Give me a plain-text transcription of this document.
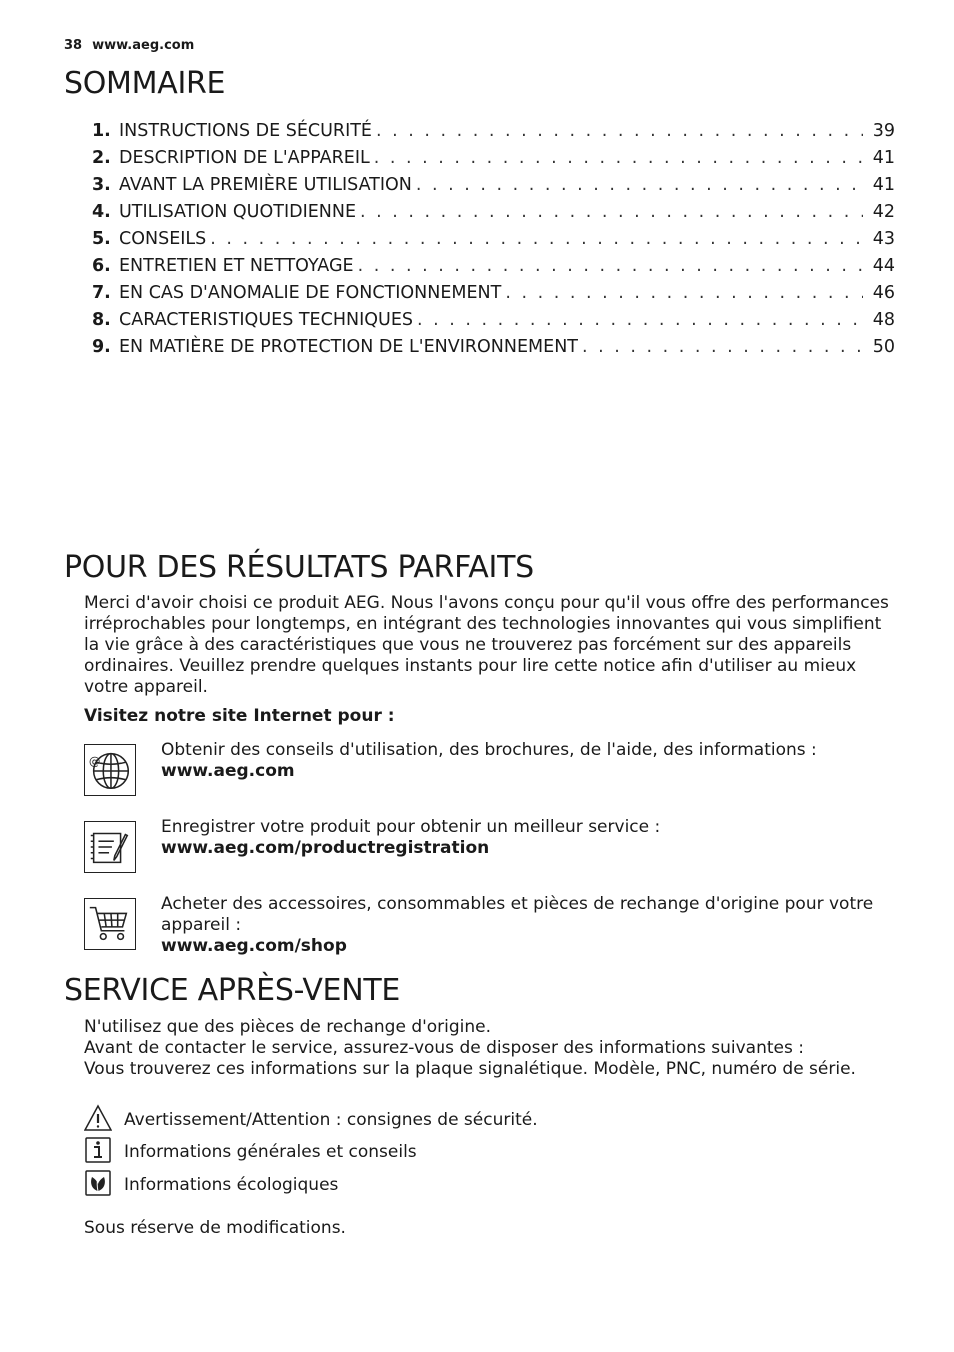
38 www.aeg.com
SOMMAIRE
1. INSTRUCTIONS DE SÉCURITÉ . . .	39
2. DESCRIPTION DE L'APPAREIL . . .	41
3. AVANT LA PREMIÈRE UTILISATION . . .	41
4. UTILISATION QUOTIDIENNE . . .	42
5. CONSEILS . . .	43
6. ENTRETIEN ET NETTOYAGE . . .	44
7. EN CAS D'ANOMALIE DE FONCTIONNEMENT . . .	46
8. CARACTERISTIQUES TECHNIQUES . . .	48
9. EN MATIÈRE DE PROTECTION DE L'ENVIRONNEMENT . . .	50
POUR DES RÉSULTATS PARFAITS

Merci d'avoir choisi ce produit AEG. Nous l'avons conçu pour qu'il vous offre des performances irréprochables pour longtemps, en intégrant des technologies innovantes qui vous simplifient la vie grâce à des caractéristiques que vous ne trouverez pas forcément sur des appareils ordinaires. Veuillez prendre quelques instants pour lire cette notice afin d'utiliser au mieux votre appareil.

Visitez notre site Internet pour :

@
Obtenir des conseils d'utilisation, des brochures, de l'aide, des informations :
www.aeg.com
Enregistrer votre produit pour obtenir un meilleur service :
www.aeg.com/productregistration
Acheter des accessoires, consommables et pièces de rechange d'origine pour votre appareil :
www.aeg.com/shop
SERVICE APRÈS-VENTE
N'utilisez que des pièces de rechange d'origine.
Avant de contacter le service, assurez-vous de disposer des informations suivantes :
Vous trouverez ces informations sur la plaque signalétique. Modèle, PNC, numéro de série.
Avertissement/Attention : consignes de sécurité.
Informations générales et conseils
Informations écologiques

Sous réserve de modifications.
